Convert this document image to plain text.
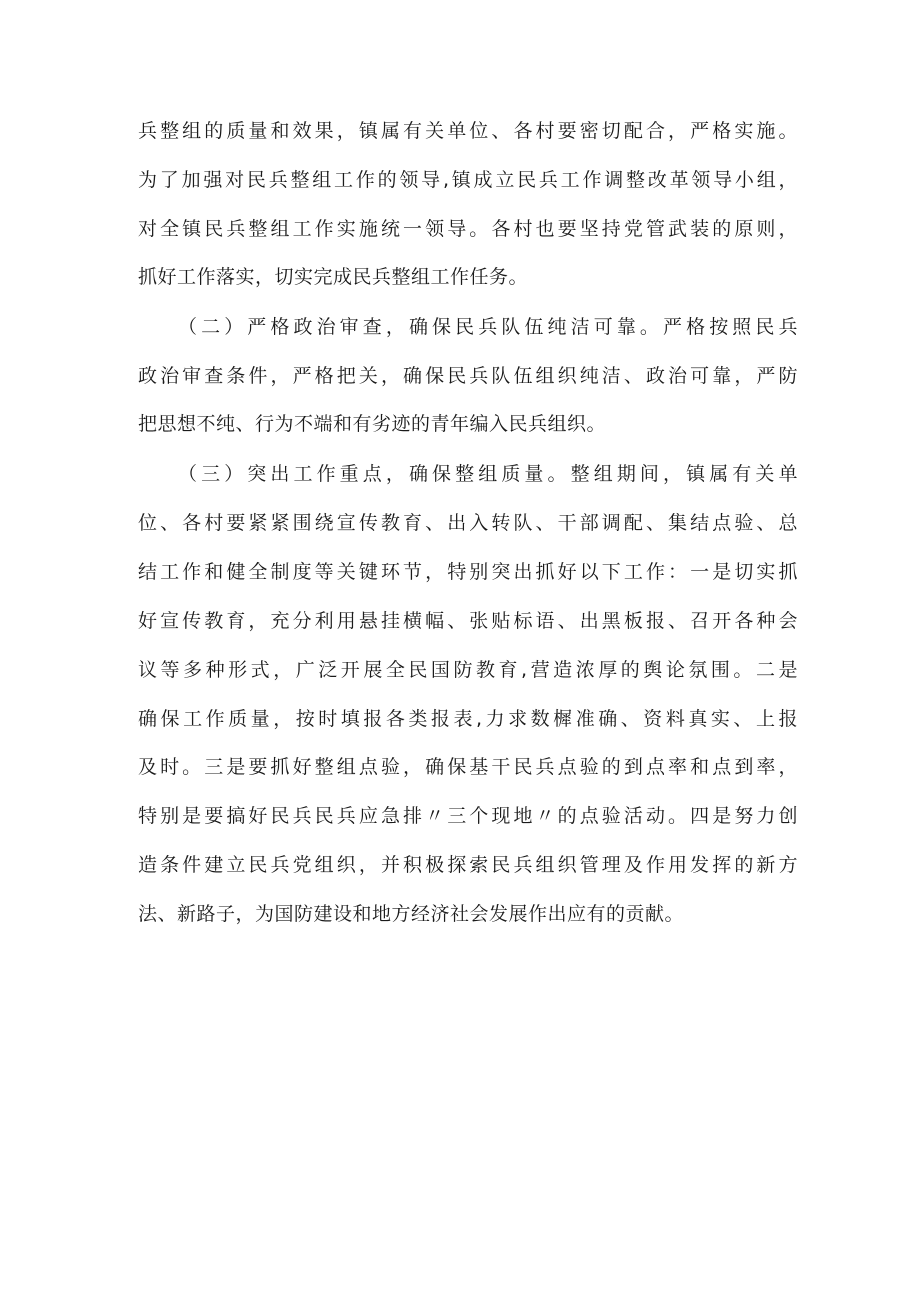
兵整组的质量和效果，镇属有关单位、各村要密切配合，严格实施。
为了加强对民兵整组工作的领导,镇成立民兵工作调整改革领导小组，
对全镇民兵整组工作实施统一领导。各村也要坚持党管武装的原则，
抓好工作落实，切实完成民兵整组工作任务。
（二）严格政治审查，确保民兵队伍纯洁可靠。严格按照民兵
政治审查条件，严格把关，确保民兵队伍组织纯洁、政治可靠，严防
把思想不纯、行为不端和有劣迹的青年编入民兵组织。
（三）突出工作重点，确保整组质量。整组期间，镇属有关单
位、各村要紧紧围绕宣传教育、出入转队、干部调配、集结点验、总
结工作和健全制度等关键环节，特别突出抓好以下工作：一是切实抓
好宣传教育，充分利用悬挂横幅、张贴标语、出黑板报、召开各种会
议等多种形式，广泛开展全民国防教育,营造浓厚的舆论氛围。二是
确保工作质量，按时填报各类报表,力求数樨准确、资料真实、上报
及时。三是要抓好整组点验，确保基干民兵点验的到点率和点到率，
特别是要搞好民兵民兵应急排〃三个现地〃的点验活动。四是努力创
造条件建立民兵党组织，并积极探索民兵组织管理及作用发挥的新方
法、新路子，为国防建设和地方经济社会发展作出应有的贡献。
